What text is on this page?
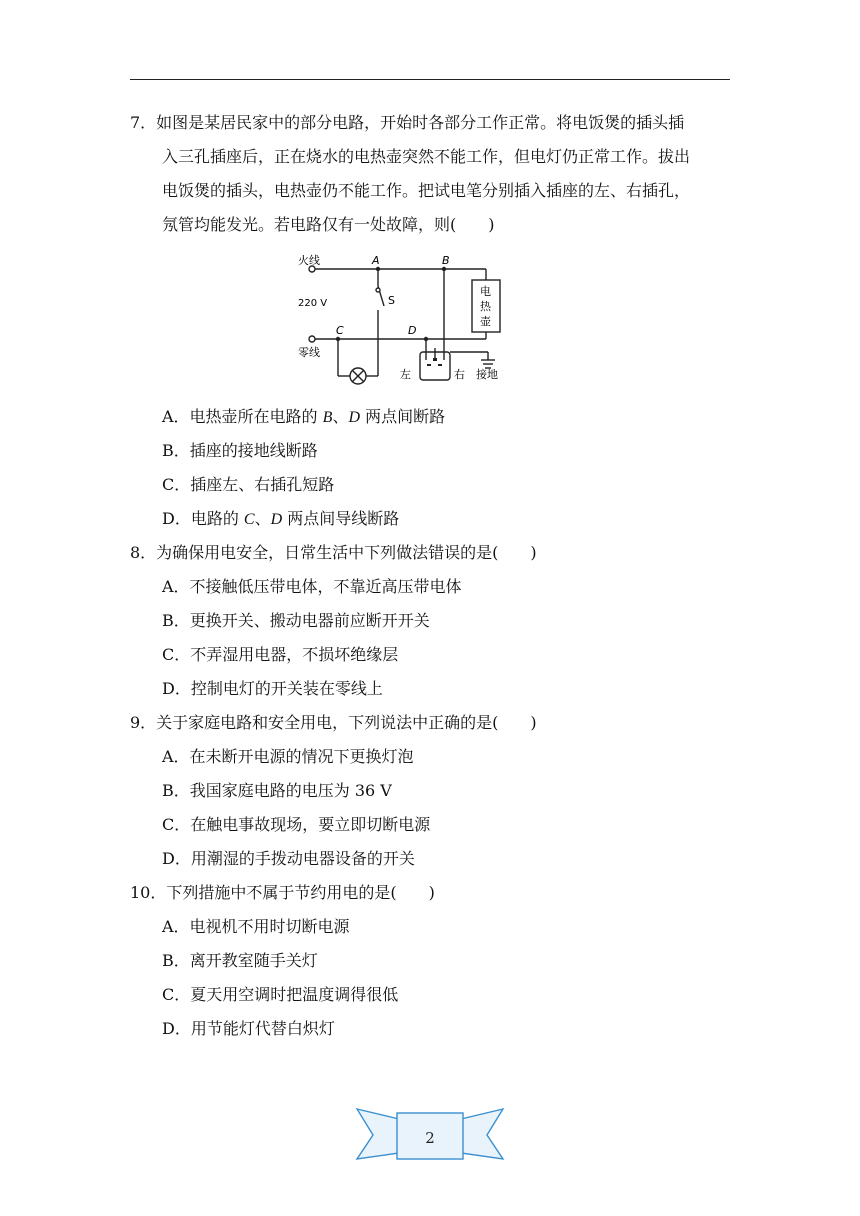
7．如图是某居民家中的部分电路，开始时各部分工作正常。将电饭煲的插头插
入三孔插座后，正在烧水的电热壶突然不能工作，但电灯仍正常工作。拔出
电饭煲的插头，电热壶仍不能工作。把试电笔分别插入插座的左、右插孔，
氖管均能发光。若电路仅有一处故障，则(　　)
火线
220 V
零线
A	B
C	D
S
电
热
壶
左	右 接地
A．电热壶所在电路的 B、D 两点间断路
B．插座的接地线断路
C．插座左、右插孔短路
D．电路的 C、D 两点间导线断路
8．为确保用电安全，日常生活中下列做法错误的是(　　)
A．不接触低压带电体，不靠近高压带电体
B．更换开关、搬动电器前应断开开关
C．不弄湿用电器，不损坏绝缘层
D．控制电灯的开关装在零线上
9．关于家庭电路和安全用电，下列说法中正确的是(　　)
A．在未断开电源的情况下更换灯泡
B．我国家庭电路的电压为 36 V
C．在触电事故现场，要立即切断电源
D．用潮湿的手拨动电器设备的开关
10．下列措施中不属于节约用电的是(　　)
A．电视机不用时切断电源
B．离开教室随手关灯
C．夏天用空调时把温度调得很低
D．用节能灯代替白炽灯
2
